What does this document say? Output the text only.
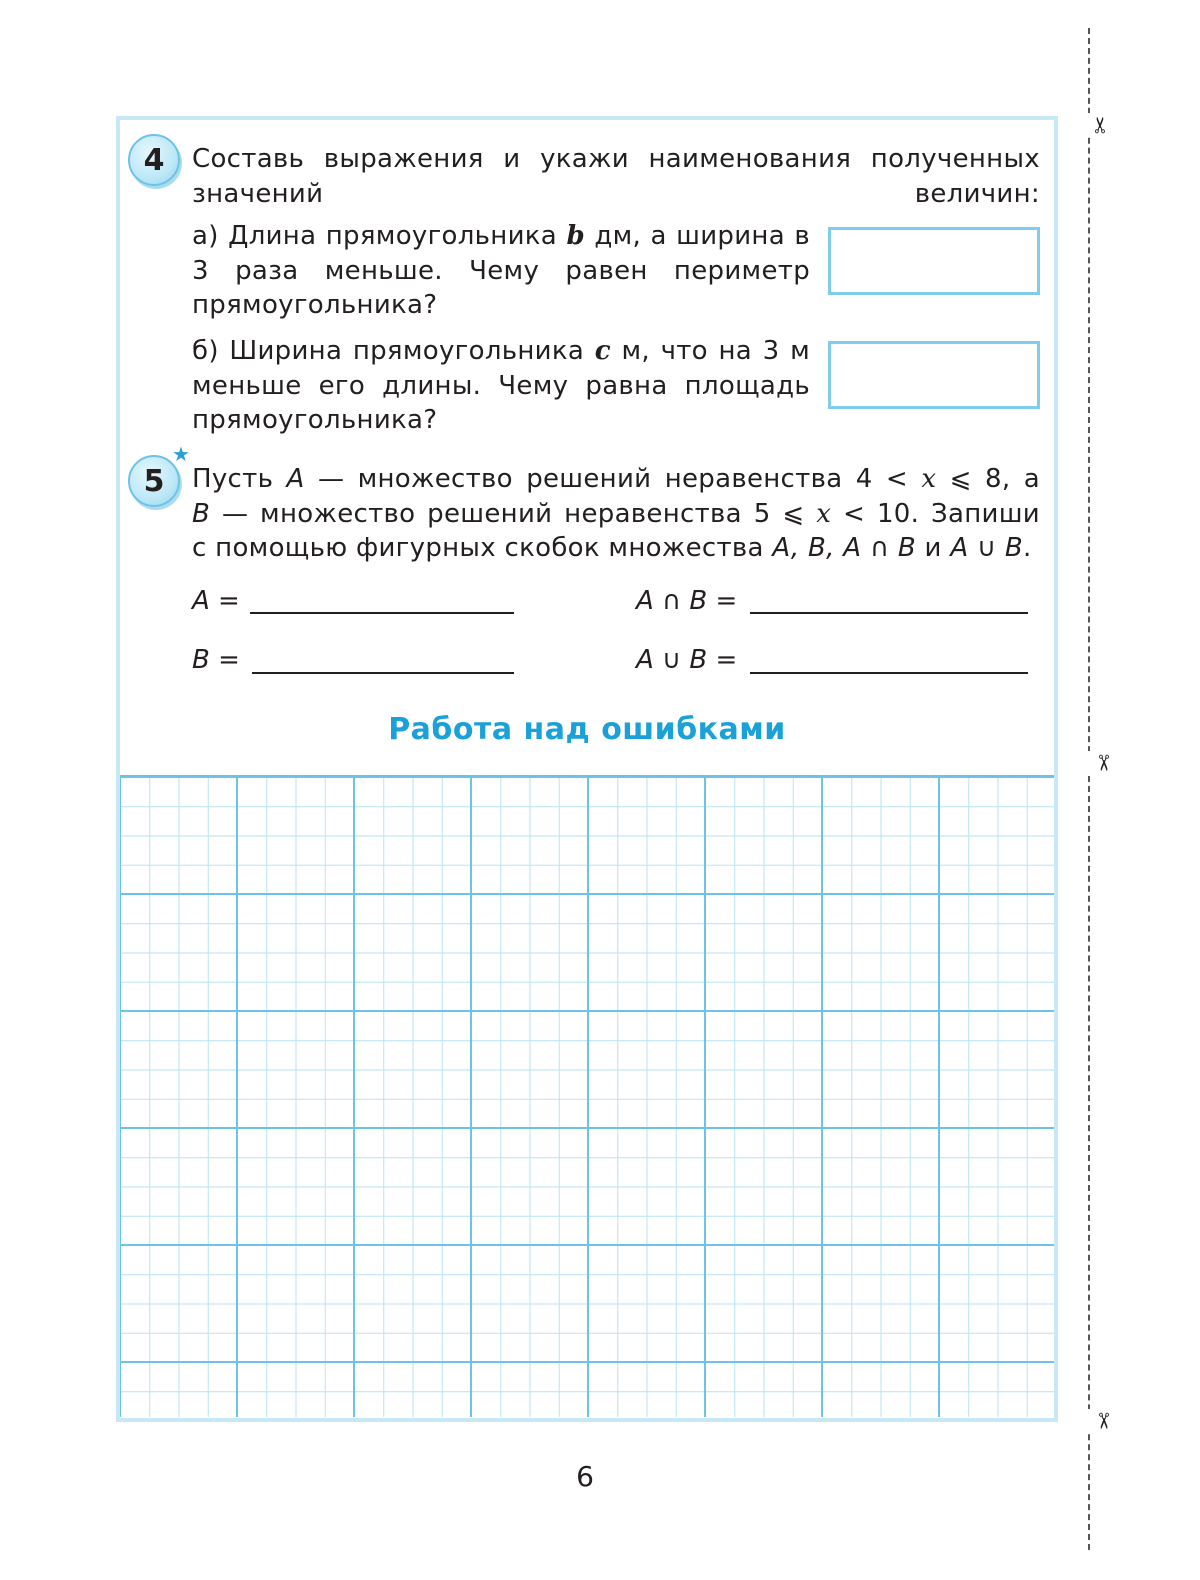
4	Составь выражения и укажи наименования полученных значений величин:

а) Длина прямоугольника b дм, а ширина в 3 раза меньше. Чему равен периметр прямоугольника?

б) Ширина прямоугольника c м, что на 3 м меньше его длины. Чему равна площадь прямоугольника?

5
★
Пусть A — множество решений неравенства 4 < x ⩽ 8, а
B — множество решений неравенства 5 ⩽ x < 10. Запиши
с помощью фигурных скобок множества A, B, A ∩ B и A ∪ B.
A =	A ∩ B =
B =	A ∪ B =
Работа над ошибками
✂
✂
✂
6
